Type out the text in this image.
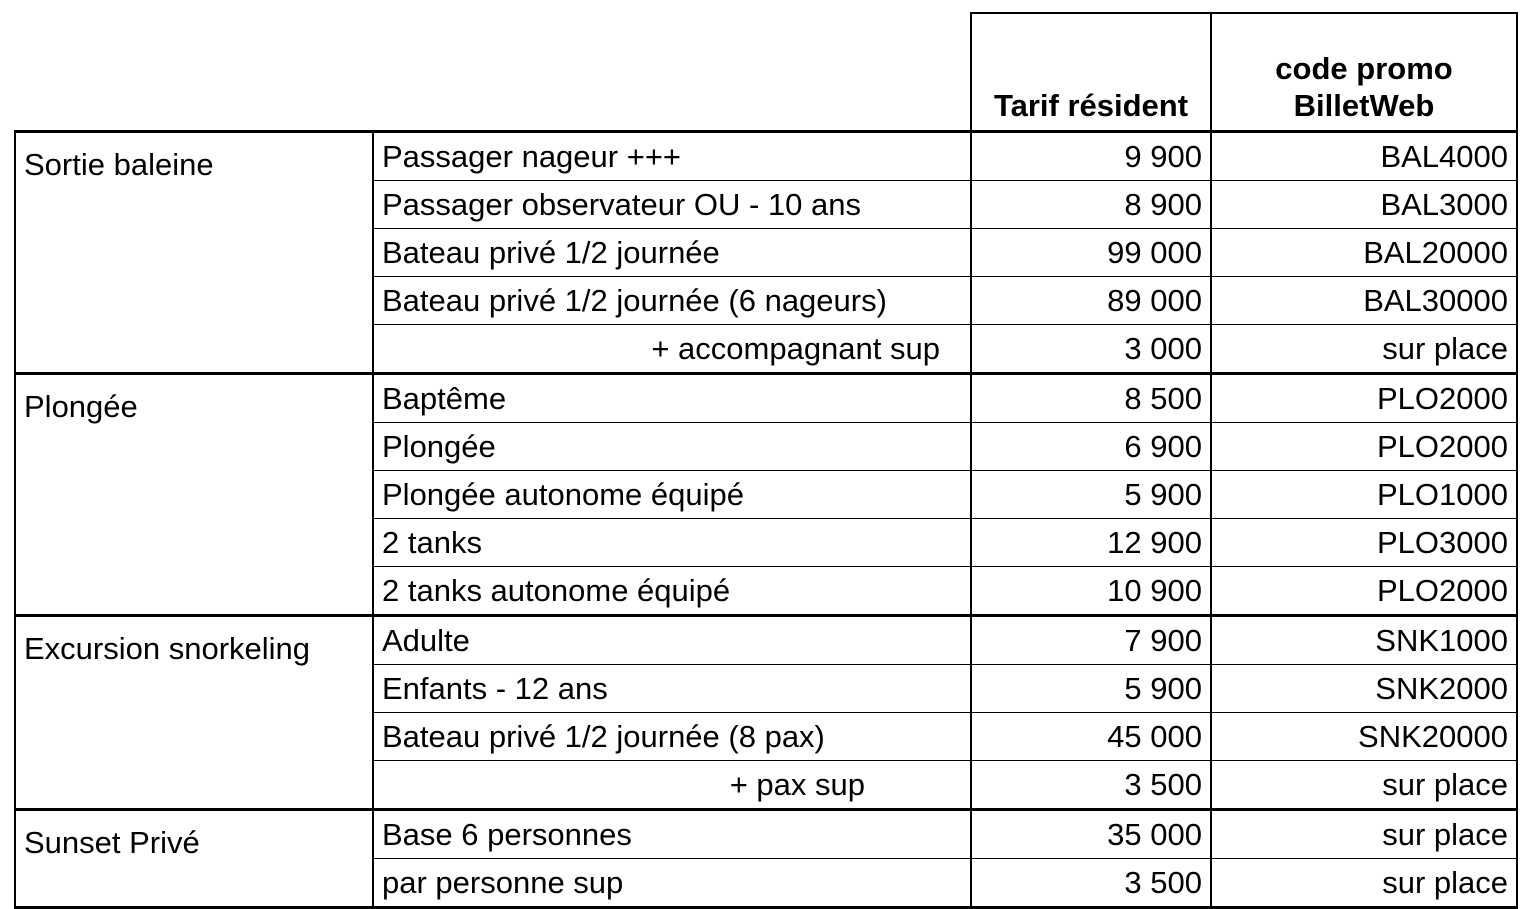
		Tarif résident	code promo BilletWeb
Sortie baleine	Passager nageur +++	9 900	BAL4000
	Passager observateur OU - 10 ans	8 900	BAL3000
	Bateau privé 1/2 journée	99 000	BAL20000
	Bateau privé 1/2 journée (6 nageurs)	89 000	BAL30000
	+ accompagnant sup	3 000	sur place
Plongée	Baptême	8 500	PLO2000
	Plongée	6 900	PLO2000
	Plongée autonome équipé	5 900	PLO1000
	2 tanks	12 900	PLO3000
	2 tanks autonome équipé	10 900	PLO2000
Excursion snorkeling	Adulte	7 900	SNK1000
	Enfants - 12 ans	5 900	SNK2000
	Bateau privé 1/2 journée (8 pax)	45 000	SNK20000
	+ pax sup	3 500	sur place
Sunset Privé	Base 6 personnes	35 000	sur place
	par personne sup	3 500	sur place
